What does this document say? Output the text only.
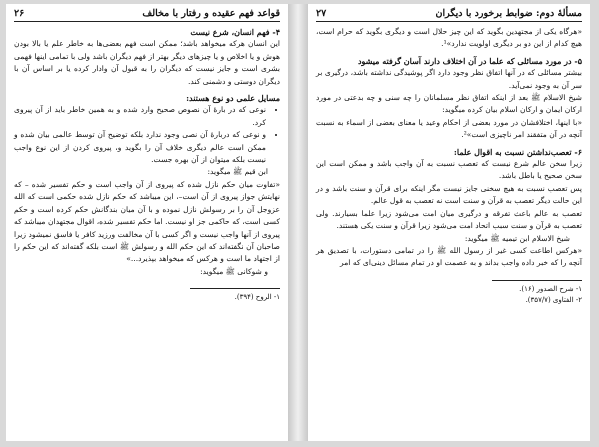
قواعد فهم عقیده و رفتار با مخالف
۲۶

۴- فهم انسان، شرع نیست

این انسان هرکه میخواهد باشد؛ ممکن است فهم بعضی‌ها به خاطر علم یا بالا بودن هوش و یا اخلاص و یا چیزهای دیگر بهتر از فهم دیگران باشد ولی با تمامی اینها فهمی بشری است و جایز نیست که دیگران را به قبول آن وادار کرده یا بر اساس آن با دیگران دوستی و دشمنی کند.

مسایل علمی دو نوع هستند:

• نوعی که در بارهٔ آن نصوص صحیح وارد شده و به همین خاطر باید از آن پیروی کرد.
• و نوعی که دربارهٔ آن نصی وجود ندارد بلکه توضیح آن توسط عالمی بیان شده و ممکن است عالم دیگری خلاف آن را بگوید و، پیروی کردن از این نوع واجب نیست بلکه میتوان از آن بهره جست.

ابن قیم ﷺ میگوید:

«تفاوت میان حکم نازل شده که پیروی از آن واجب است و حکم تفسیر شده – که نهایتش جواز پیروی از آن است–، این میباشد که حکم نازل شده حکمی است که الله عزوجل آن را بر رسولش نازل نموده و با آن میان بندگانش حکم کرده است و حکم کسی است، که حاکمی جز او نیست. اما حکم تفسیر شده، اقوال مجتهدان میباشد که پیروی از آنها واجب نیست و اگر کسی با آن مخالفت ورزید کافر یا فاسق نمیشود زیرا صاحبان آن نگفته‌اند که این حکم الله و رسولش ﷺ است بلکه گفته‌اند که این حکم را از اجتهاد ما است و هرکس که میخواهد بپذیرد...»

و شوکانی ﷺ میگوید:

۱- الروح (۳۹۴).

مسألهٔ دوم: ضوابط برخورد با دیگران
۲۷

«هرگاه یکی از مجتهدین بگوید که این چیز حلال است و دیگری بگوید که حرام است، هیچ کدام از این دو بر دیگری اولویت ندارد»¹.

۵- در مورد مسائلی که علما در آن اختلاف دارند آسان گرفته میشود

بیشتر مسائلی که در آنها اتفاق نظر وجود دارد اگر پوشیدگی نداشته باشد، درگیری بر سر آن به وجود نمی‌آید.

شیخ الاسلام ﷺ بعد از اینکه اتفاق نظر مسلمانان را چه سنی و چه بدعتی در مورد ارکان ایمان و ارکان اسلام بیان کرده میگوید:

«با اینها، اختلافشان در مورد بعضی از احکام وعید یا معنای بعضی از اسماء به نسبت آنچه در آن متفقند امر ناچیزی است»².

۶- تعصب‌نداشتن نسبت به اقوال علما:

زیرا سخن عالم شرع نیست که تعصب نسبت به آن واجب باشد و ممکن است این سخن صحیح یا باطل باشد.

پس تعصب نسبت به هیچ سخنی جایز نیست مگر اینکه برای قرآن و سنت باشد و در این حالت دیگر تعصب به قرآن و سنت است نه تعصب به قول عالم.

تعصب به عالم باعث تفرقه و درگیری میان امت می‌شود زیرا علما بسیارند. ولی تعصب به قرآن و سنت سبب اتحاد امت می‌شود زیرا قرآن و سنت یکی هستند.

شیخ الاسلام ابن تیمیه ﷺ میگوید:

«هرکس اطاعت کسی غیر از رسول الله ﷺ را در تمامی دستورات، با تصدیق هر آنچه را که خبر داده واجب بداند و به عصمت او در تمام مسائل دینی‌ای که امر

۱- شرح الصدور (۱۶).

۲- الفتاوی (۳۵۷/۷).
